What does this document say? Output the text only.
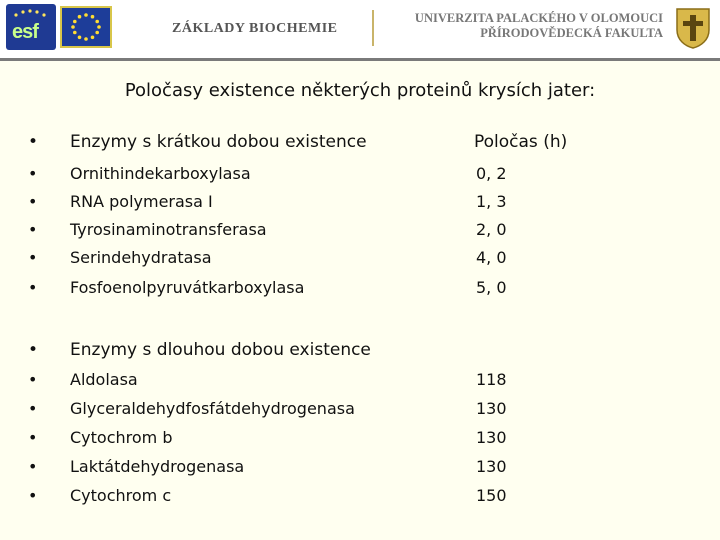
esf	ZÁKLADY BIOCHEMIE
UNIVERZITA PALACKÉHO V OLOMOUCI
PŘÍRODOVĚDECKÁ FAKULTA
Poločasy existence některých proteinů krysích jater:
• Enzymy s krátkou dobou existence	Poločas (h)
• Ornithindekarboxylasa	0, 2
• RNA polymerasa I	1, 3
• Tyrosinaminotransferasa	2, 0
• Serindehydratasa	4, 0
• Fosfoenolpyruvátkarboxylasa	5, 0
• Enzymy s dlouhou dobou existence
• Aldolasa	118
• Glyceraldehydfosfátdehydrogenasa	130
• Cytochrom b	130
• Laktátdehydrogenasa	130
• Cytochrom c	150
